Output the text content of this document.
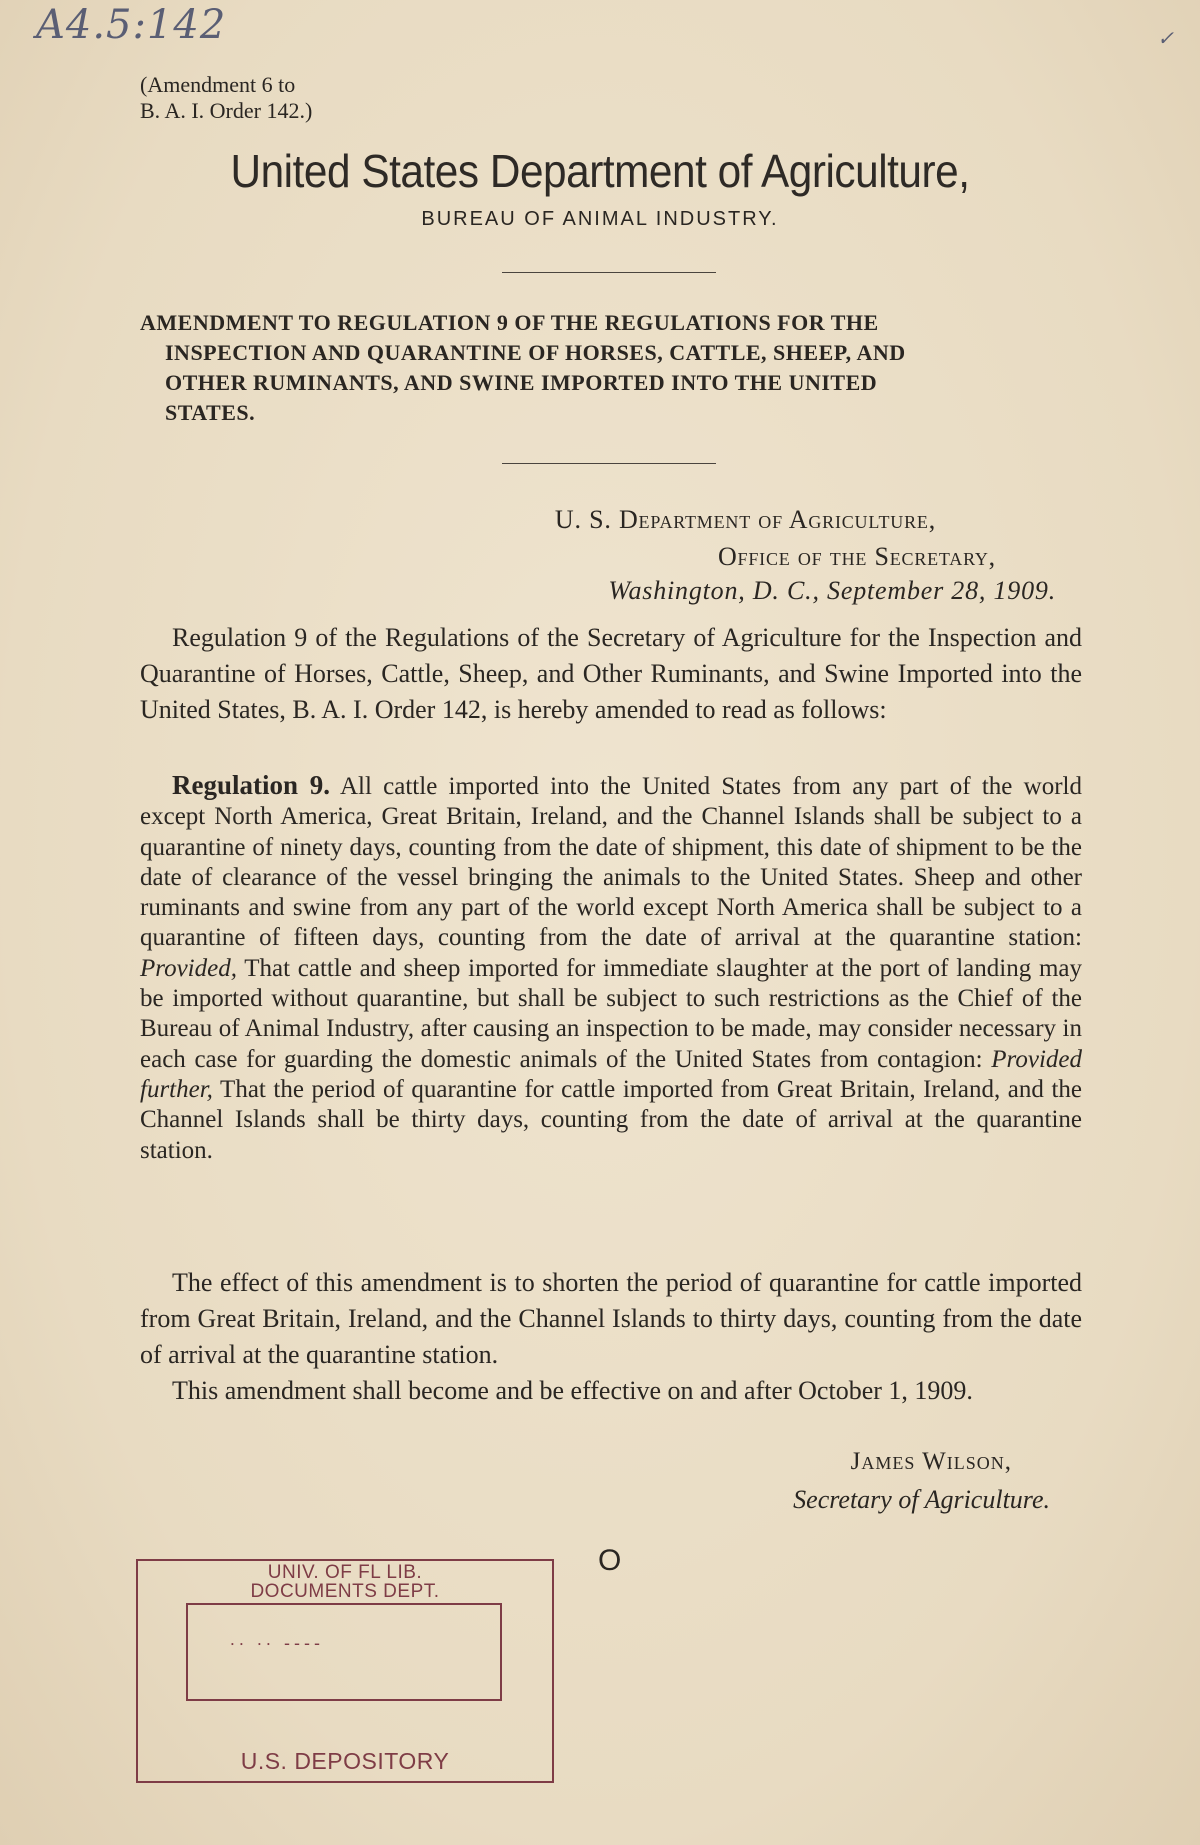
A4.5:142	✓
(Amendment 6 to
B. A. I. Order 142.)
United States Department of Agriculture,
BUREAU OF ANIMAL INDUSTRY.
AMENDMENT TO REGULATION 9 OF THE REGULATIONS FOR THE
INSPECTION AND QUARANTINE OF HORSES, CATTLE, SHEEP, AND
OTHER RUMINANTS, AND SWINE IMPORTED INTO THE UNITED
STATES.
U. S. Department of Agriculture,
Office of the Secretary,
Washington, D. C., September 28, 1909.
Regulation 9 of the Regulations of the Secretary of Agriculture for the Inspection and Quarantine of Horses, Cattle, Sheep, and Other Ruminants, and Swine Imported into the United States, B. A. I. Order 142, is hereby amended to read as follows:
Regulation 9. All cattle imported into the United States from any part of the world except North America, Great Britain, Ireland, and the Channel Islands shall be subject to a quarantine of ninety days, counting from the date of shipment, this date of shipment to be the date of clearance of the vessel bringing the animals to the United States. Sheep and other ruminants and swine from any part of the world except North America shall be subject to a quarantine of fifteen days, counting from the date of arrival at the quarantine station: Provided, That cattle and sheep imported for immediate slaughter at the port of landing may be imported without quarantine, but shall be subject to such restrictions as the Chief of the Bureau of Animal Industry, after causing an inspection to be made, may consider necessary in each case for guarding the domestic animals of the United States from contagion: Provided further, That the period of quarantine for cattle imported from Great Britain, Ireland, and the Channel Islands shall be thirty days, counting from the date of arrival at the quarantine station.
The effect of this amendment is to shorten the period of quarantine for cattle imported from Great Britain, Ireland, and the Channel Islands to thirty days, counting from the date of arrival at the quarantine station.
This amendment shall become and be effective on and after October 1, 1909.
James Wilson,
Secretary of Agriculture.
O
UNIV. OF FL LIB.
DOCUMENTS DEPT.
∙∙ ∙∙ ----
U.S. DEPOSITORY
